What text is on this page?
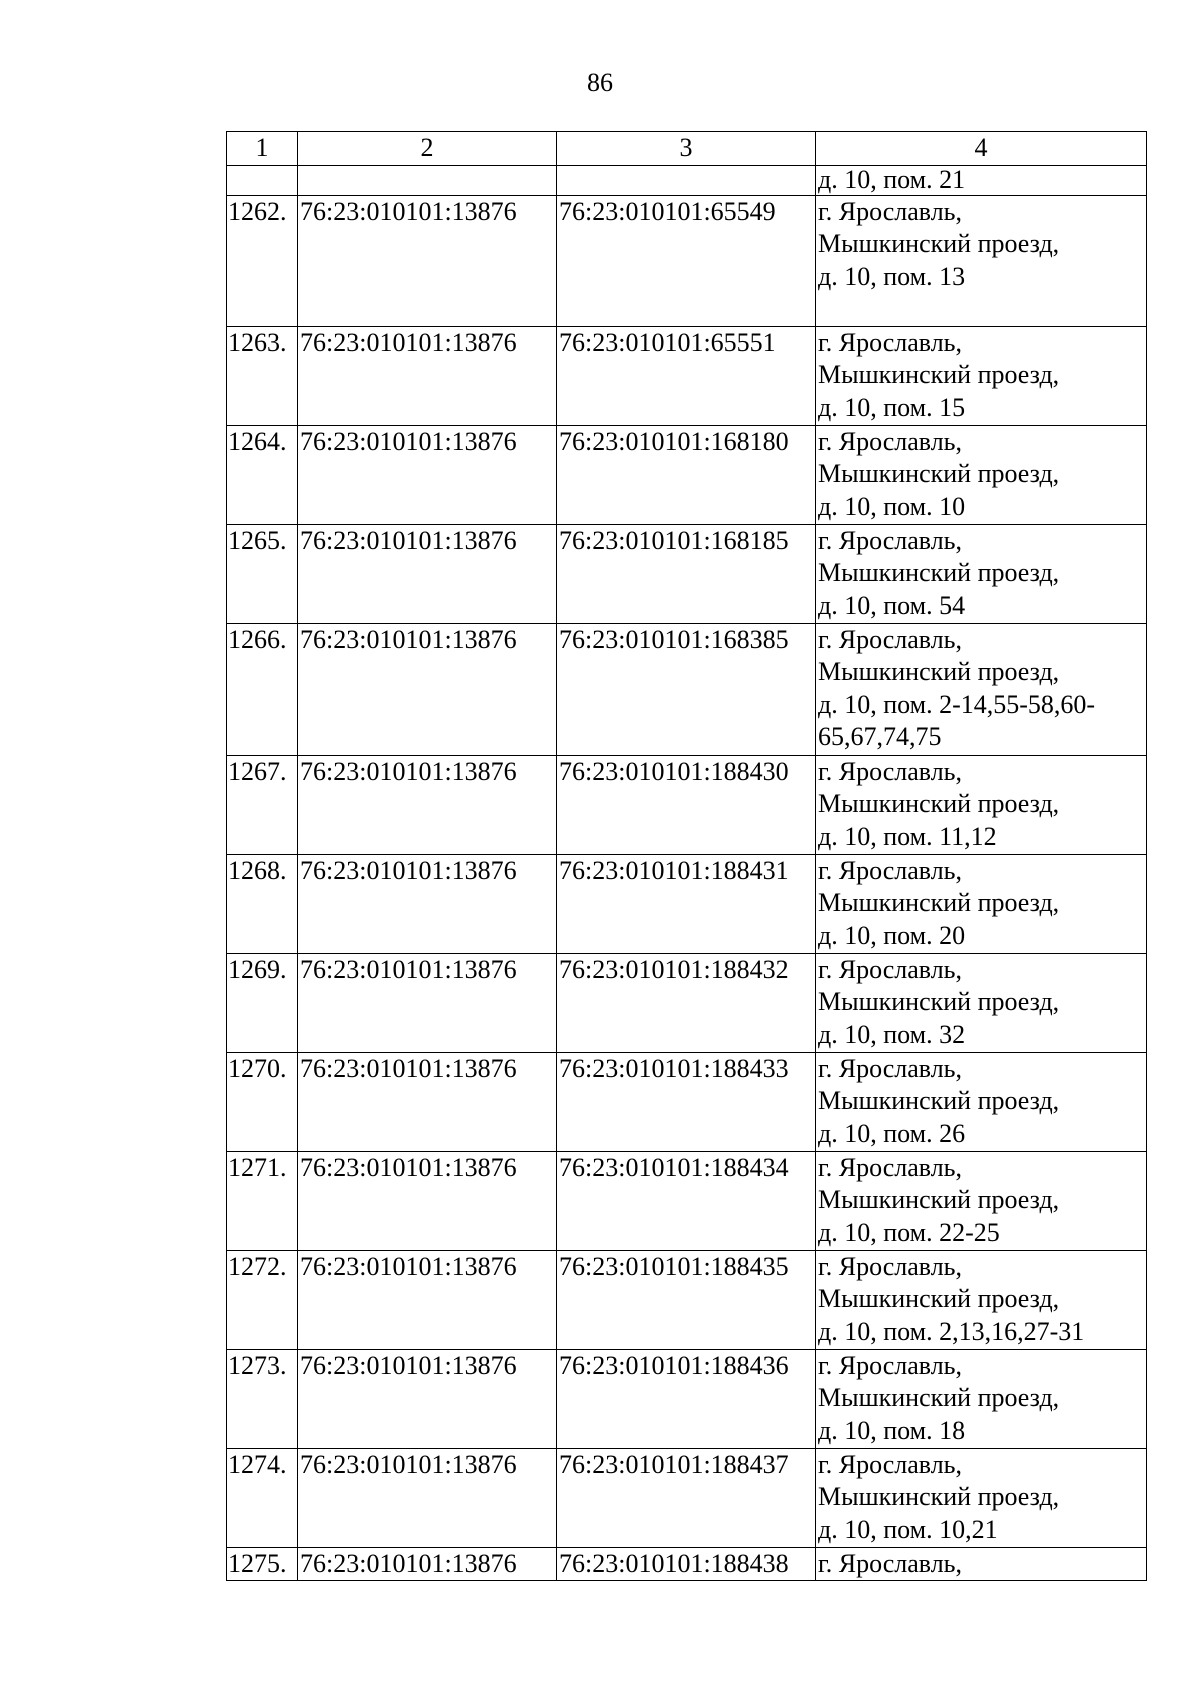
86
1	2	3	4
			д. 10, пом. 21
1262.	76:23:010101:13876	76:23:010101:65549	г. Ярославль,
Мышкинский проезд,
д. 10, пом. 13
1263.	76:23:010101:13876	76:23:010101:65551	г. Ярославль,
Мышкинский проезд,
д. 10, пом. 15
1264.	76:23:010101:13876	76:23:010101:168180	г. Ярославль,
Мышкинский проезд,
д. 10, пом. 10
1265.	76:23:010101:13876	76:23:010101:168185	г. Ярославль,
Мышкинский проезд,
д. 10, пом. 54
1266.	76:23:010101:13876	76:23:010101:168385	г. Ярославль,
Мышкинский проезд,
д. 10, пом. 2-14,55-58,60-
65,67,74,75
1267.	76:23:010101:13876	76:23:010101:188430	г. Ярославль,
Мышкинский проезд,
д. 10, пом. 11,12
1268.	76:23:010101:13876	76:23:010101:188431	г. Ярославль,
Мышкинский проезд,
д. 10, пом. 20
1269.	76:23:010101:13876	76:23:010101:188432	г. Ярославль,
Мышкинский проезд,
д. 10, пом. 32
1270.	76:23:010101:13876	76:23:010101:188433	г. Ярославль,
Мышкинский проезд,
д. 10, пом. 26
1271.	76:23:010101:13876	76:23:010101:188434	г. Ярославль,
Мышкинский проезд,
д. 10, пом. 22-25
1272.	76:23:010101:13876	76:23:010101:188435	г. Ярославль,
Мышкинский проезд,
д. 10, пом. 2,13,16,27-31
1273.	76:23:010101:13876	76:23:010101:188436	г. Ярославль,
Мышкинский проезд,
д. 10, пом. 18
1274.	76:23:010101:13876	76:23:010101:188437	г. Ярославль,
Мышкинский проезд,
д. 10, пом. 10,21
1275.	76:23:010101:13876	76:23:010101:188438	г. Ярославль,
